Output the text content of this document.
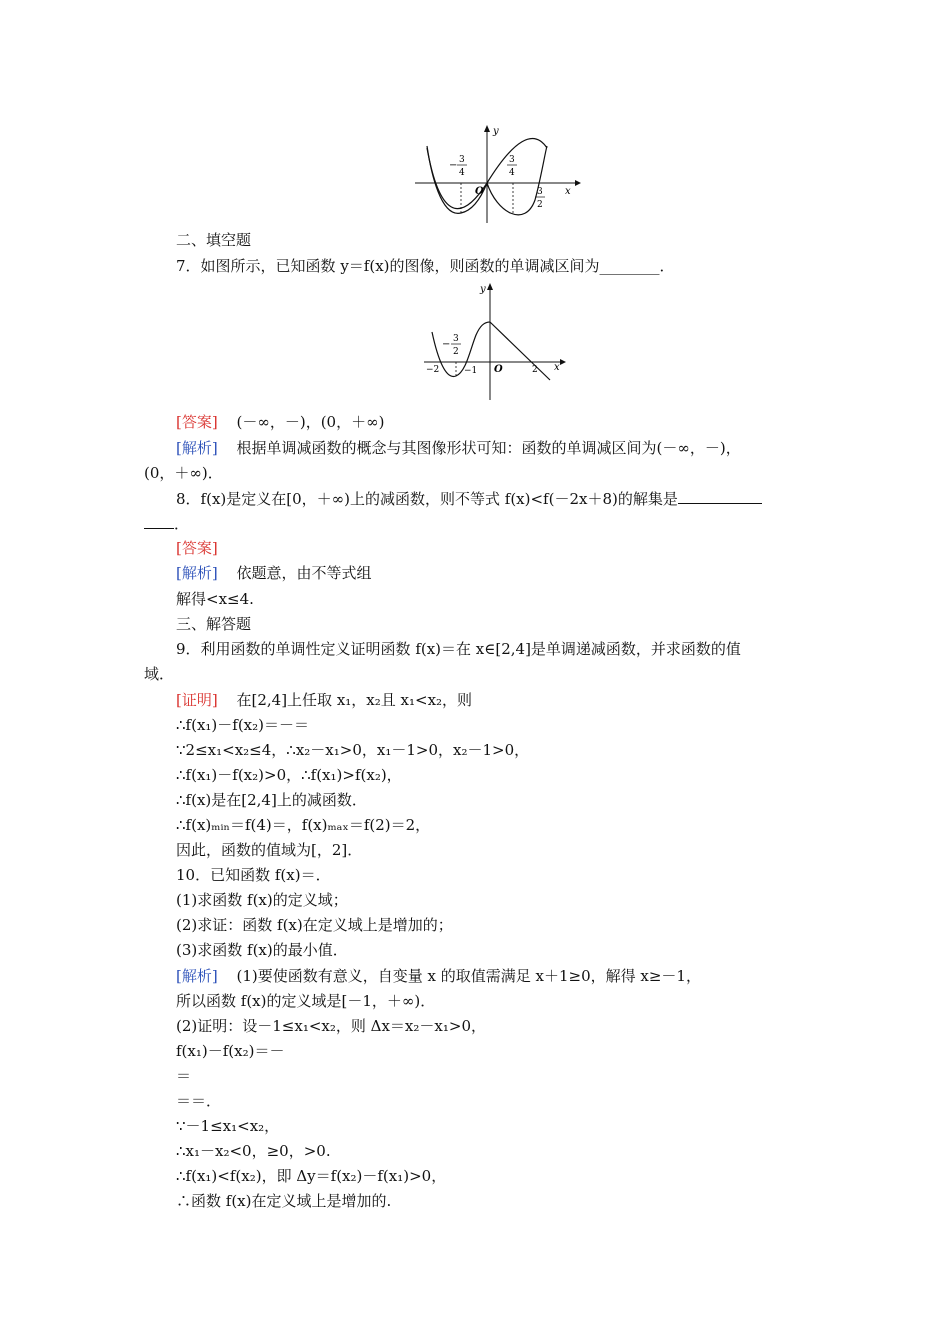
y
x
O
− 3
4
3
4
3
2
y
x
O
− 3
2
−2	−1	2
二、填空题
7．如图所示，已知函数 y＝f(x)的图像，则函数的单调减区间为________．
[答案] (－∞，－)，(0，＋∞)
[解析] 根据单调减函数的概念与其图像形状可知：函数的单调减区间为(－∞，－)，
(0，＋∞)．
8．f(x)是定义在[0，＋∞)上的减函数，则不等式 f(x)<f(－2x＋8)的解集是
．
[答案]
[解析] 依题意，由不等式组
解得<x≤4.
三、解答题
9．利用函数的单调性定义证明函数 f(x)＝在 x∈[2,4]是单调递减函数，并求函数的值
域．
[证明] 在[2,4]上任取 x₁，x₂且 x₁<x₂，则
∴f(x₁)－f(x₂)＝－＝
∵2≤x₁<x₂≤4，∴x₂－x₁>0，x₁－1>0，x₂－1>0，
∴f(x₁)－f(x₂)>0，∴f(x₁)>f(x₂)，
∴f(x)是在[2,4]上的减函数．
∴f(x)ₘᵢₙ＝f(4)＝，f(x)ₘₐₓ＝f(2)＝2，
因此，函数的值域为[，2]．
10．已知函数 f(x)＝．
(1)求函数 f(x)的定义域；
(2)求证：函数 f(x)在定义域上是增加的；
(3)求函数 f(x)的最小值．
[解析] (1)要使函数有意义，自变量 x 的取值需满足 x＋1≥0，解得 x≥－1，
所以函数 f(x)的定义域是[－1，＋∞)．
(2)证明：设－1≤x₁<x₂，则 Δx＝x₂－x₁>0，
f(x₁)－f(x₂)＝－
＝
＝＝．
∵－1≤x₁<x₂，
∴x₁－x₂<0，≥0，>0.
∴f(x₁)<f(x₂)，即 Δy＝f(x₂)－f(x₁)>0，
∴函数 f(x)在定义域上是增加的.
